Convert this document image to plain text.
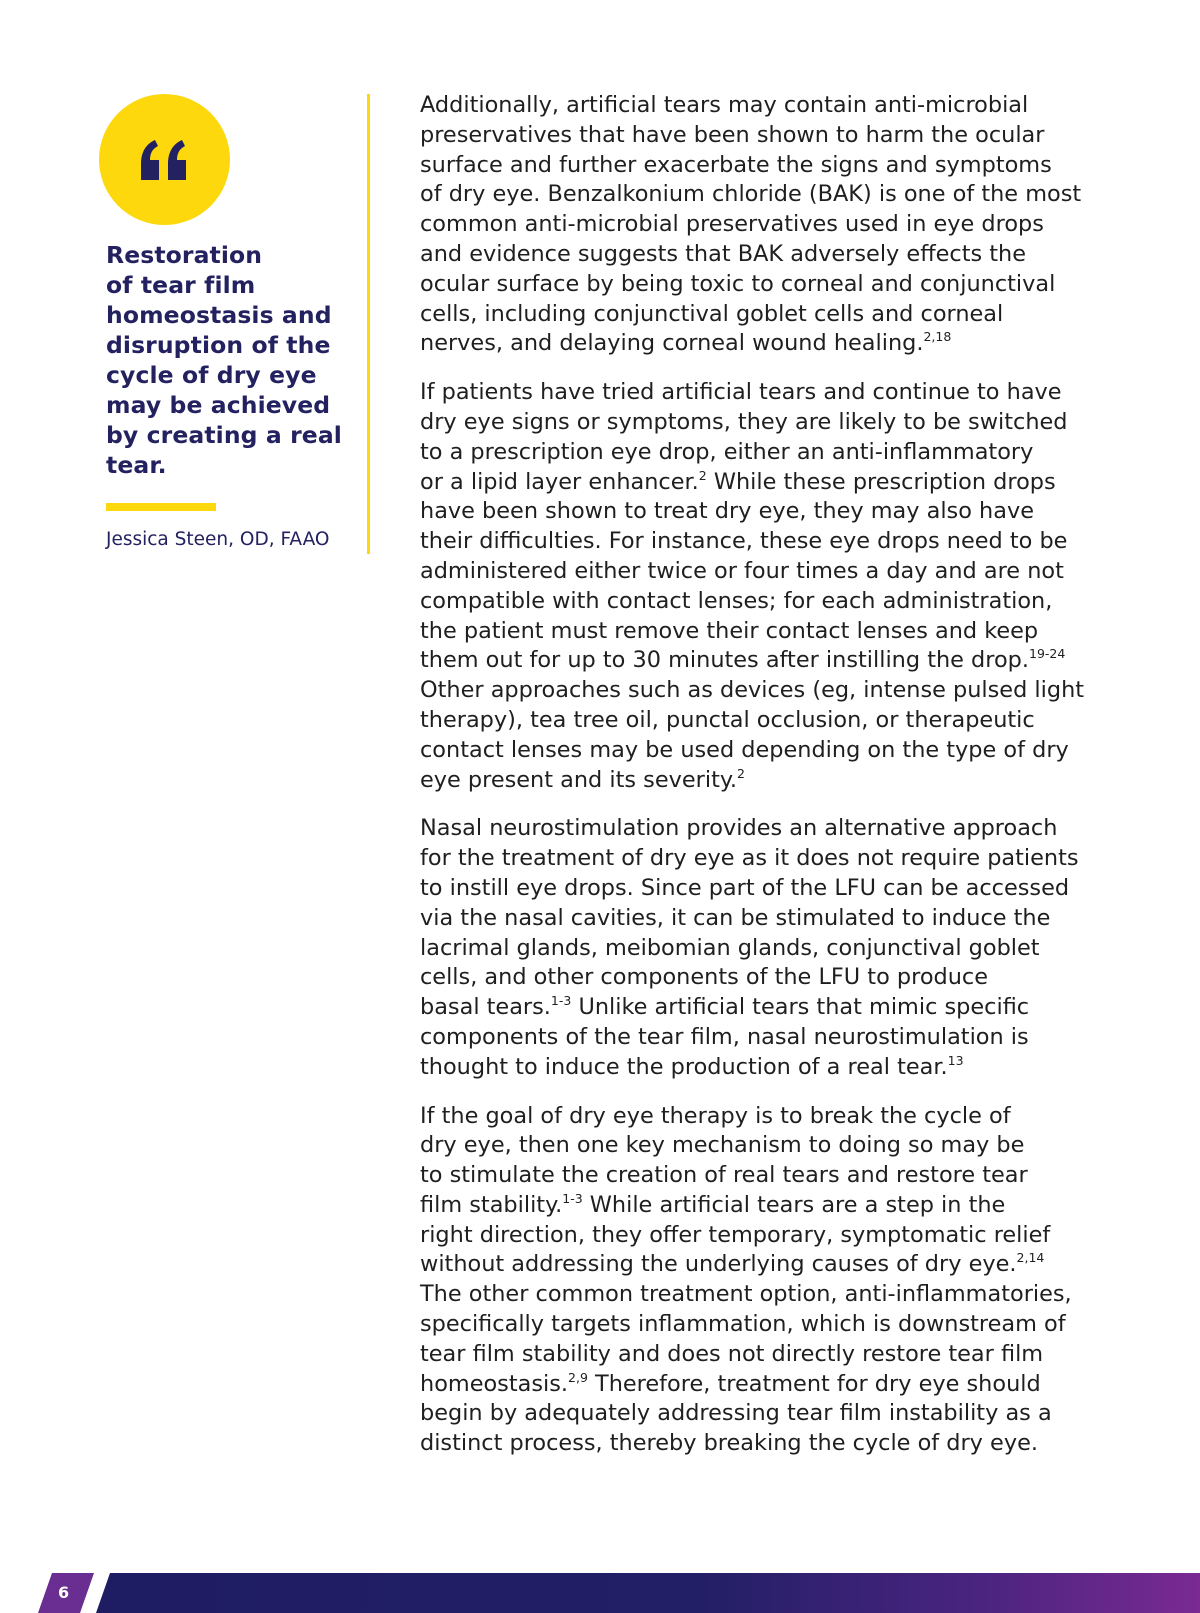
Restoration
of tear film
homeostasis and
disruption of the
cycle of dry eye
may be achieved
by creating a real
tear.
Jessica Steen, OD, FAAO
Additionally, artificial tears may contain anti-microbial
preservatives that have been shown to harm the ocular
surface and further exacerbate the signs and symptoms
of dry eye. Benzalkonium chloride (BAK) is one of the most
common anti-microbial preservatives used in eye drops
and evidence suggests that BAK adversely effects the
ocular surface by being toxic to corneal and conjunctival
cells, including conjunctival goblet cells and corneal
nerves, and delaying corneal wound healing.$^{2,18}$
If patients have tried artificial tears and continue to have
dry eye signs or symptoms, they are likely to be switched
to a prescription eye drop, either an anti-inflammatory
or a lipid layer enhancer.$^2$ While these prescription drops
have been shown to treat dry eye, they may also have
their difficulties. For instance, these eye drops need to be
administered either twice or four times a day and are not
compatible with contact lenses; for each administration,
the patient must remove their contact lenses and keep
them out for up to 30 minutes after instilling the drop.$^{19-24}$
Other approaches such as devices (eg, intense pulsed light
therapy), tea tree oil, punctal occlusion, or therapeutic
contact lenses may be used depending on the type of dry
eye present and its severity.$^2$
Nasal neurostimulation provides an alternative approach
for the treatment of dry eye as it does not require patients
to instill eye drops. Since part of the LFU can be accessed
via the nasal cavities, it can be stimulated to induce the
lacrimal glands, meibomian glands, conjunctival goblet
cells, and other components of the LFU to produce
basal tears.$^{1-3}$ Unlike artificial tears that mimic specific
components of the tear film, nasal neurostimulation is
thought to induce the production of a real tear.$^{13}$
If the goal of dry eye therapy is to break the cycle of
dry eye, then one key mechanism to doing so may be
to stimulate the creation of real tears and restore tear
film stability.$^{1-3}$ While artificial tears are a step in the
right direction, they offer temporary, symptomatic relief
without addressing the underlying causes of dry eye.$^{2,14}$
The other common treatment option, anti-inflammatories,
specifically targets inflammation, which is downstream of
tear film stability and does not directly restore tear film
homeostasis.$^{2,9}$ Therefore, treatment for dry eye should
begin by adequately addressing tear film instability as a
distinct process, thereby breaking the cycle of dry eye.
6
